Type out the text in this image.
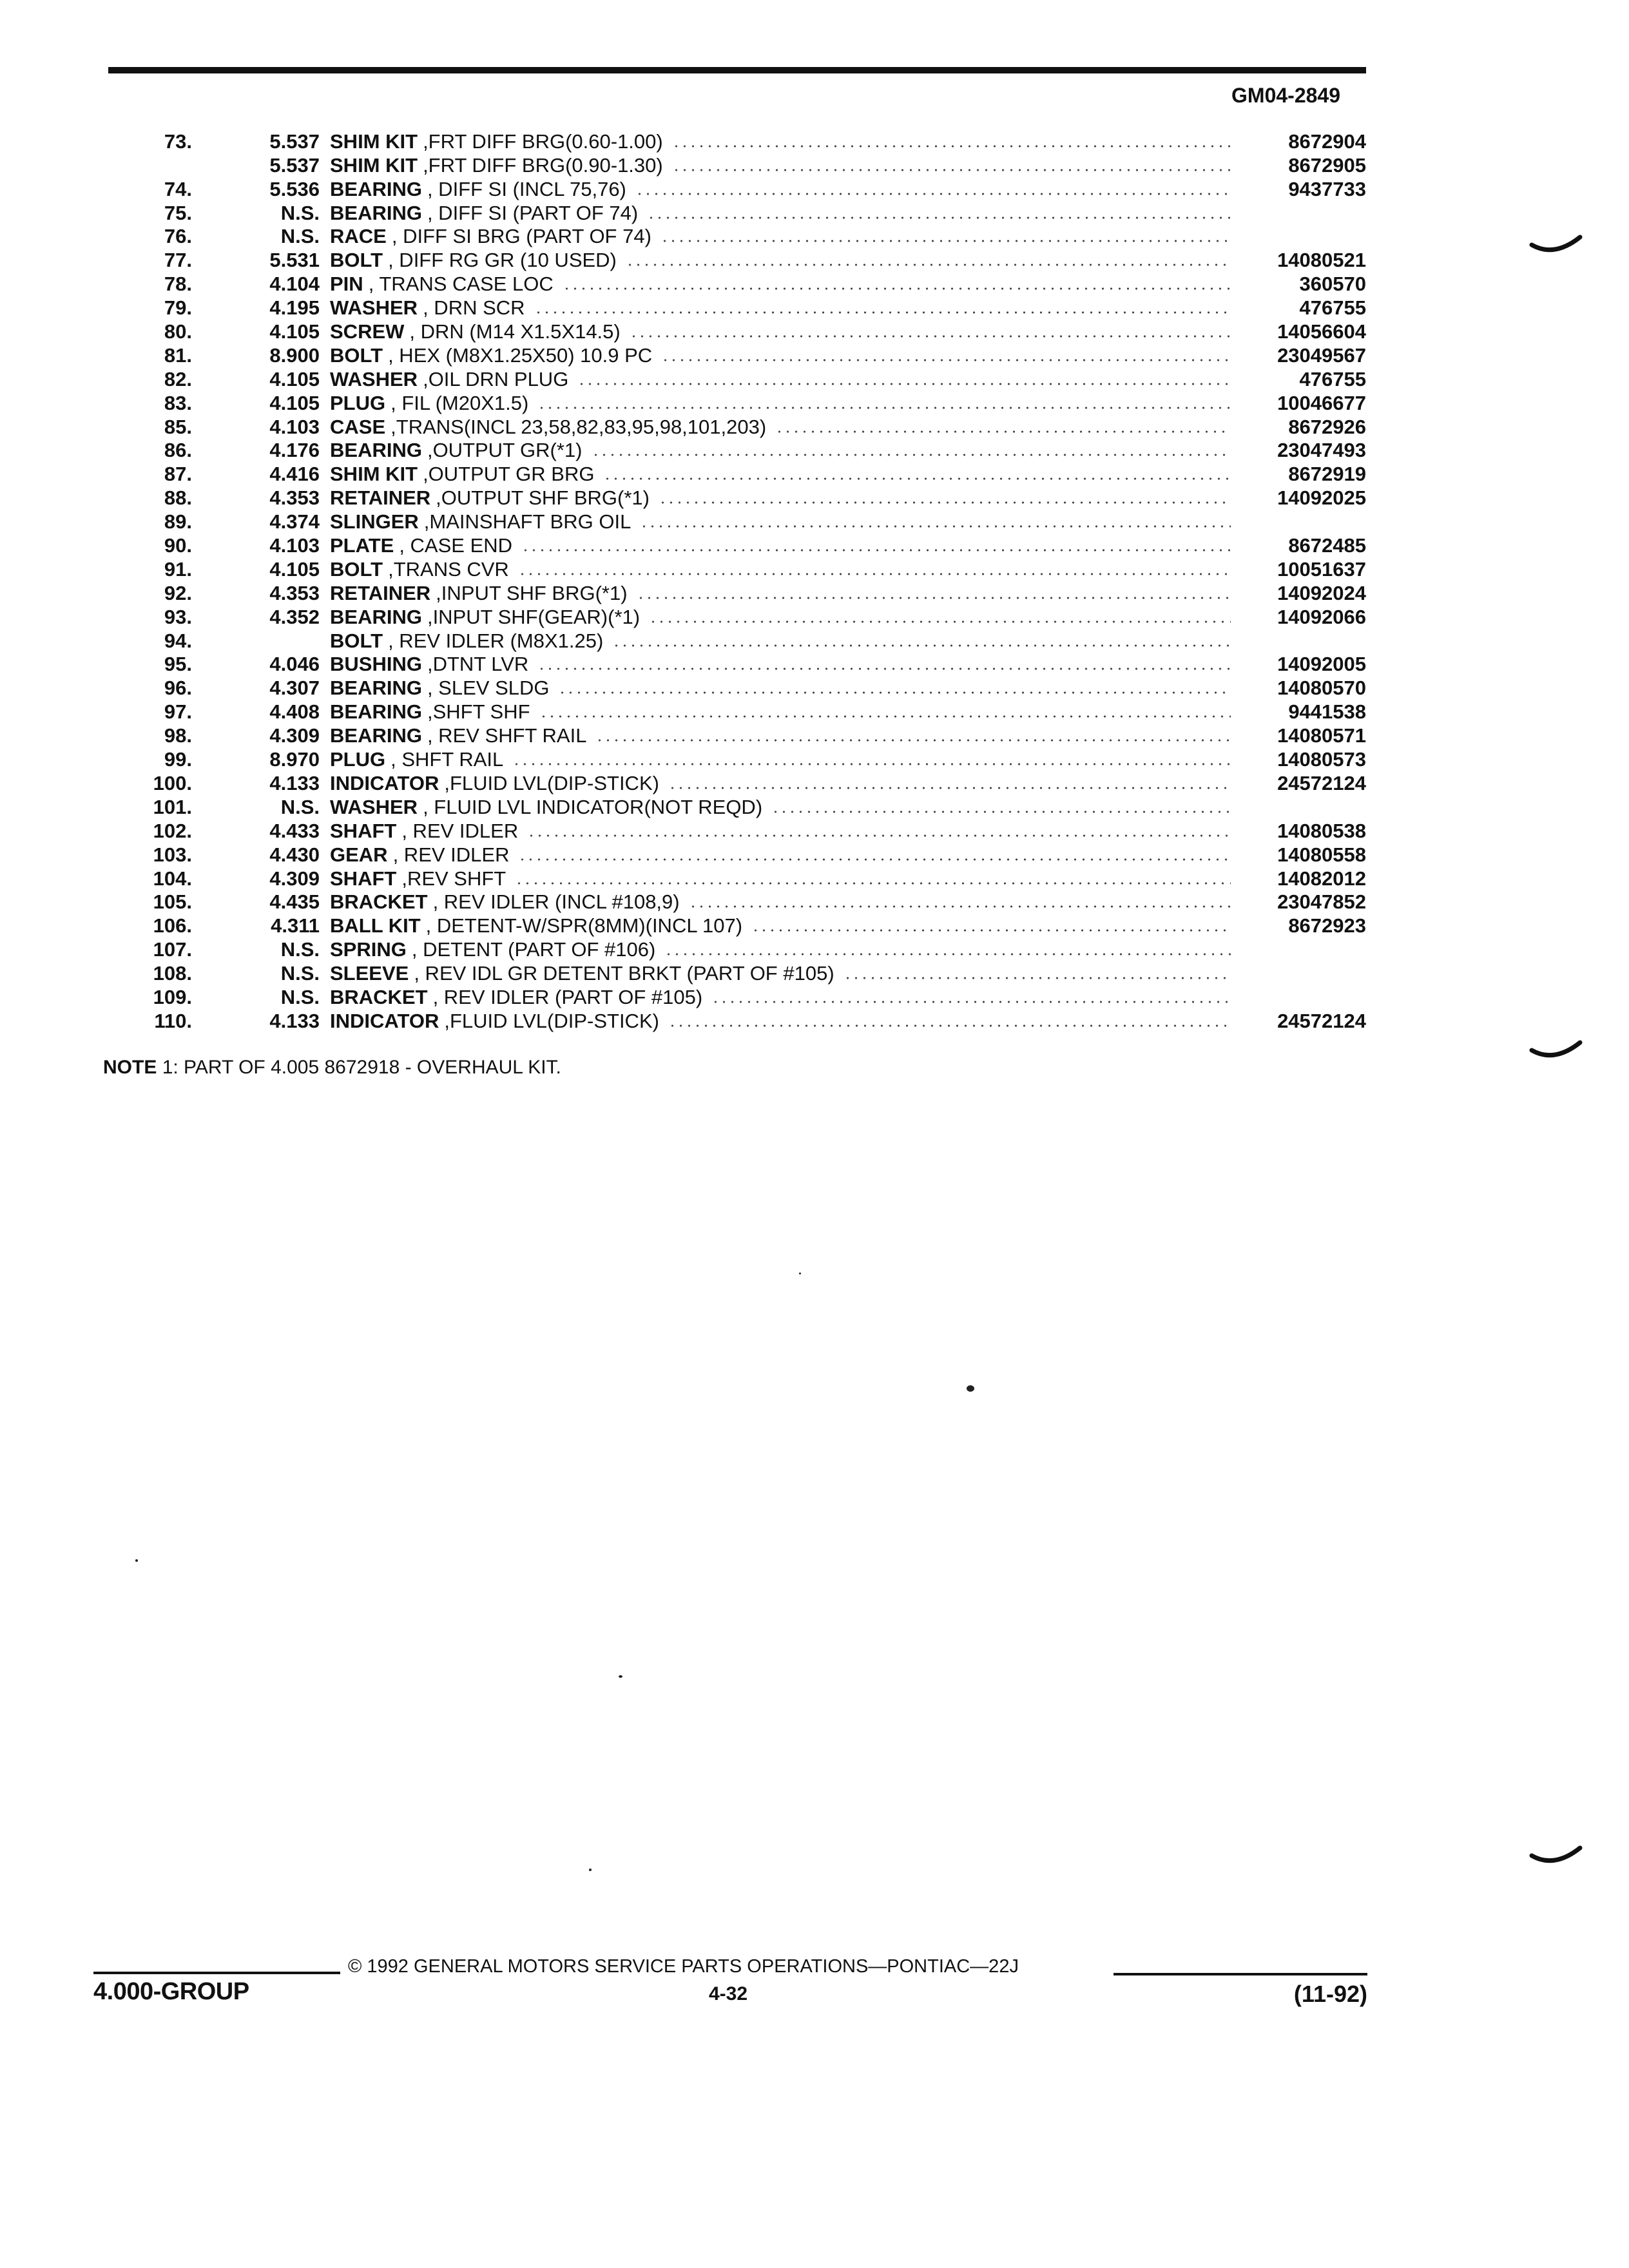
GM04-2849
73.	5.537 SHIM KIT ,FRT DIFF BRG(0.60-1.00)	8672904
5.537 SHIM KIT ,FRT DIFF BRG(0.90-1.30)	8672905
74.	5.536 BEARING , DIFF SI (INCL 75,76)	9437733
75.	N.S. BEARING , DIFF SI (PART OF 74)
76.	N.S. RACE , DIFF SI BRG (PART OF 74)
77.	5.531 BOLT , DIFF RG GR (10 USED)	14080521
78.	4.104 PIN , TRANS CASE LOC	360570
79.	4.195 WASHER , DRN SCR	476755
80.	4.105 SCREW , DRN (M14 X1.5X14.5)	14056604
81.	8.900 BOLT , HEX (M8X1.25X50) 10.9 PC	23049567
82.	4.105 WASHER ,OIL DRN PLUG	476755
83.	4.105 PLUG , FIL (M20X1.5)	10046677
85.	4.103 CASE ,TRANS(INCL 23,58,82,83,95,98,101,203)	8672926
86.	4.176 BEARING ,OUTPUT GR(*1)	23047493
87.	4.416 SHIM KIT ,OUTPUT GR BRG	8672919
88.	4.353 RETAINER ,OUTPUT SHF BRG(*1)	14092025
89.	4.374 SLINGER ,MAINSHAFT BRG OIL
90.	4.103 PLATE , CASE END	8672485
91.	4.105 BOLT ,TRANS CVR	10051637
92.	4.353 RETAINER ,INPUT SHF BRG(*1)	14092024
93.	4.352 BEARING ,INPUT SHF(GEAR)(*1)	14092066
94.	BOLT , REV IDLER (M8X1.25)
95.	4.046 BUSHING ,DTNT LVR	14092005
96.	4.307 BEARING , SLEV SLDG	14080570
97.	4.408 BEARING ,SHFT SHF	9441538
98.	4.309 BEARING , REV SHFT RAIL	14080571
99.	8.970 PLUG , SHFT RAIL	14080573
100.	4.133 INDICATOR ,FLUID LVL(DIP-STICK)	24572124
101.	N.S. WASHER , FLUID LVL INDICATOR(NOT REQD)
102.	4.433 SHAFT , REV IDLER	14080538
103.	4.430 GEAR , REV IDLER	14080558
104.	4.309 SHAFT ,REV SHFT	14082012
105.	4.435 BRACKET , REV IDLER (INCL #108,9)	23047852
106.	4.311 BALL KIT , DETENT-W/SPR(8MM)(INCL 107)	8672923
107.	N.S. SPRING , DETENT (PART OF #106)
108.	N.S. SLEEVE , REV IDL GR DETENT BRKT (PART OF #105)
109.	N.S. BRACKET , REV IDLER (PART OF #105)
110.	4.133 INDICATOR ,FLUID LVL(DIP-STICK)	24572124
NOTE 1: PART OF 4.005 8672918 - OVERHAUL KIT.
© 1992 GENERAL MOTORS SERVICE PARTS OPERATIONS—PONTIAC—22J
4.000-GROUP	4-32	(11-92)
